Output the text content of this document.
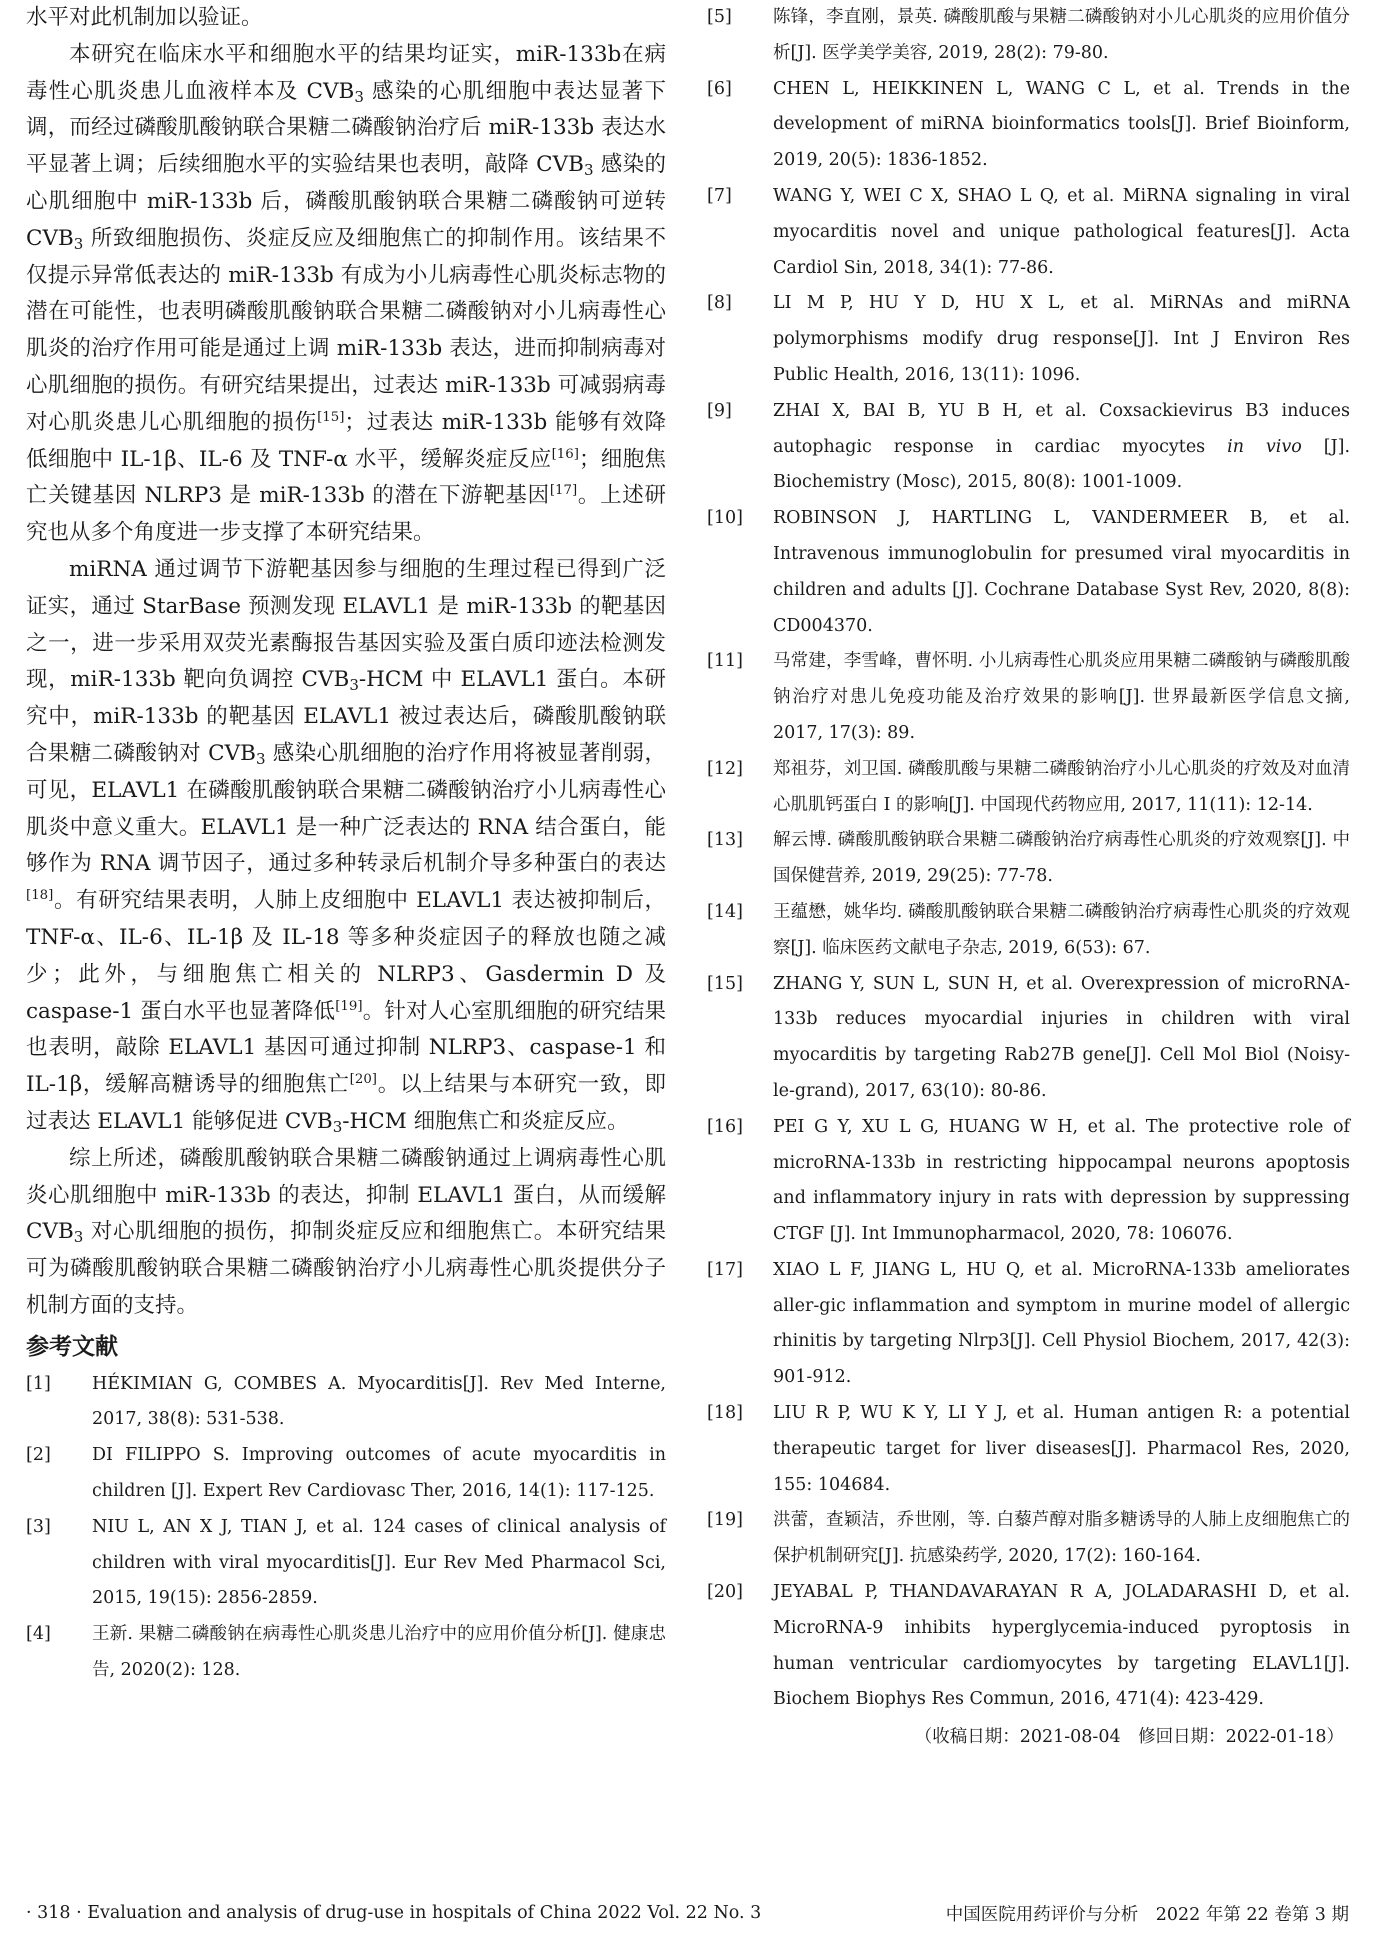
水平对此机制加以验证。

本研究在临床水平和细胞水平的结果均证实，miR-133b在病毒性心肌炎患儿血液样本及 $CVB_3$ 感染的心肌细胞中表达显著下调，而经过磷酸肌酸钠联合果糖二磷酸钠治疗后 miR-133b 表达水平显著上调；后续细胞水平的实验结果也表明，敲降 $CVB_3$ 感染的心肌细胞中 miR-133b 后，磷酸肌酸钠联合果糖二磷酸钠可逆转 $CVB_3$ 所致细胞损伤、炎症反应及细胞焦亡的抑制作用。该结果不仅提示异常低表达的 miR-133b 有成为小儿病毒性心肌炎标志物的潜在可能性，也表明磷酸肌酸钠联合果糖二磷酸钠对小儿病毒性心肌炎的治疗作用可能是通过上调 miR-133b 表达，进而抑制病毒对心肌细胞的损伤。有研究结果提出，过表达 miR-133b 可减弱病毒对心肌炎患儿心肌细胞的损伤[15]；过表达 miR-133b 能够有效降低细胞中 IL-1β、IL-6 及 TNF-α 水平，缓解炎症反应[16]；细胞焦亡关键基因 NLRP3 是 miR-133b 的潜在下游靶基因[17]。上述研究也从多个角度进一步支撑了本研究结果。

miRNA 通过调节下游靶基因参与细胞的生理过程已得到广泛证实，通过 StarBase 预测发现 ELAVL1 是 miR-133b 的靶基因之一，进一步采用双荧光素酶报告基因实验及蛋白质印迹法检测发现，miR-133b 靶向负调控 $CVB_3$-HCM 中 ELAVL1 蛋白。本研究中，miR-133b 的靶基因 ELAVL1 被过表达后，磷酸肌酸钠联合果糖二磷酸钠对 $CVB_3$ 感染心肌细胞的治疗作用将被显著削弱，可见，ELAVL1 在磷酸肌酸钠联合果糖二磷酸钠治疗小儿病毒性心肌炎中意义重大。ELAVL1 是一种广泛表达的 RNA 结合蛋白，能够作为 RNA 调节因子，通过多种转录后机制介导多种蛋白的表达[18]。有研究结果表明，人肺上皮细胞中 ELAVL1 表达被抑制后，TNF-α、IL-6、IL-1β 及 IL-18 等多种炎症因子的释放也随之减少；此外，与细胞焦亡相关的 NLRP3、Gasdermin D 及 caspase-1 蛋白水平也显著降低[19]。针对人心室肌细胞的研究结果也表明，敲除 ELAVL1 基因可通过抑制 NLRP3、caspase-1 和 IL-1β，缓解高糖诱导的细胞焦亡[20]。以上结果与本研究一致，即过表达 ELAVL1 能够促进 $CVB_3$-HCM 细胞焦亡和炎症反应。

综上所述，磷酸肌酸钠联合果糖二磷酸钠通过上调病毒性心肌炎心肌细胞中 miR-133b 的表达，抑制 ELAVL1 蛋白，从而缓解 $CVB_3$ 对心肌细胞的损伤，抑制炎症反应和细胞焦亡。本研究结果可为磷酸肌酸钠联合果糖二磷酸钠治疗小儿病毒性心肌炎提供分子机制方面的支持。

参考文献
[1]	HÉKIMIAN G, COMBES A. Myocarditis[J]. Rev Med Interne, 2017, 38(8): 531-538.
[2]	DI FILIPPO S. Improving outcomes of acute myocarditis in children [J]. Expert Rev Cardiovasc Ther, 2016, 14(1): 117-125.
[3]	NIU L, AN X J, TIAN J, et al. 124 cases of clinical analysis of children with viral myocarditis[J]. Eur Rev Med Pharmacol Sci, 2015, 19(15): 2856-2859.
[4]	王新. 果糖二磷酸钠在病毒性心肌炎患儿治疗中的应用价值分析[J]. 健康忠告, 2020(2): 128.
[5]	陈锋，李直刚，景英. 磷酸肌酸与果糖二磷酸钠对小儿心肌炎的应用价值分析[J]. 医学美学美容, 2019, 28(2): 79-80.
[6]	CHEN L, HEIKKINEN L, WANG C L, et al. Trends in the development of miRNA bioinformatics tools[J]. Brief Bioinform, 2019, 20(5): 1836-1852.
[7]	WANG Y, WEI C X, SHAO L Q, et al. MiRNA signaling in viral myocarditis novel and unique pathological features[J]. Acta Cardiol Sin, 2018, 34(1): 77-86.
[8]	LI M P, HU Y D, HU X L, et al. MiRNAs and miRNA polymorphisms modify drug response[J]. Int J Environ Res Public Health, 2016, 13(11): 1096.
[9]	ZHAI X, BAI B, YU B H, et al. Coxsackievirus B3 induces autophagic response in cardiac myocytes in vivo [J]. Biochemistry (Mosc), 2015, 80(8): 1001-1009.
[10]	ROBINSON J, HARTLING L, VANDERMEER B, et al. Intravenous immunoglobulin for presumed viral myocarditis in children and adults [J]. Cochrane Database Syst Rev, 2020, 8(8): CD004370.
[11]	马常建，李雪峰，曹怀明. 小儿病毒性心肌炎应用果糖二磷酸钠与磷酸肌酸钠治疗对患儿免疫功能及治疗效果的影响[J]. 世界最新医学信息文摘, 2017, 17(3): 89.
[12]	郑祖芬，刘卫国. 磷酸肌酸与果糖二磷酸钠治疗小儿心肌炎的疗效及对血清心肌肌钙蛋白 I 的影响[J]. 中国现代药物应用, 2017, 11(11): 12-14.
[13]	解云博. 磷酸肌酸钠联合果糖二磷酸钠治疗病毒性心肌炎的疗效观察[J]. 中国保健营养, 2019, 29(25): 77-78.
[14]	王蕴懋，姚华均. 磷酸肌酸钠联合果糖二磷酸钠治疗病毒性心肌炎的疗效观察[J]. 临床医药文献电子杂志, 2019, 6(53): 67.
[15]	ZHANG Y, SUN L, SUN H, et al. Overexpression of microRNA-133b reduces myocardial injuries in children with viral myocarditis by targeting Rab27B gene[J]. Cell Mol Biol (Noisy-le-grand), 2017, 63(10): 80-86.
[16]	PEI G Y, XU L G, HUANG W H, et al. The protective role of microRNA-133b in restricting hippocampal neurons apoptosis and inflammatory injury in rats with depression by suppressing CTGF [J]. Int Immunopharmacol, 2020, 78: 106076.
[17]	XIAO L F, JIANG L, HU Q, et al. MicroRNA-133b ameliorates aller-gic inflammation and symptom in murine model of allergic rhinitis by targeting Nlrp3[J]. Cell Physiol Biochem, 2017, 42(3): 901-912.
[18]	LIU R P, WU K Y, LI Y J, et al. Human antigen R: a potential therapeutic target for liver diseases[J]. Pharmacol Res, 2020, 155: 104684.
[19]	洪蕾，查颖洁，乔世刚，等. 白藜芦醇对脂多糖诱导的人肺上皮细胞焦亡的保护机制研究[J]. 抗感染药学, 2020, 17(2): 160-164.
[20]	JEYABAL P, THANDAVARAYAN R A, JOLADARASHI D, et al. MicroRNA-9 inhibits hyperglycemia-induced pyroptosis in human ventricular cardiomyocytes by targeting ELAVL1[J]. Biochem Biophys Res Commun, 2016, 471(4): 423-429.
（收稿日期：2021-08-04　修回日期：2022-01-18）
· 318 · Evaluation and analysis of drug-use in hospitals of China 2022 Vol. 22 No. 3	中国医院用药评价与分析　2022 年第 22 卷第 3 期
